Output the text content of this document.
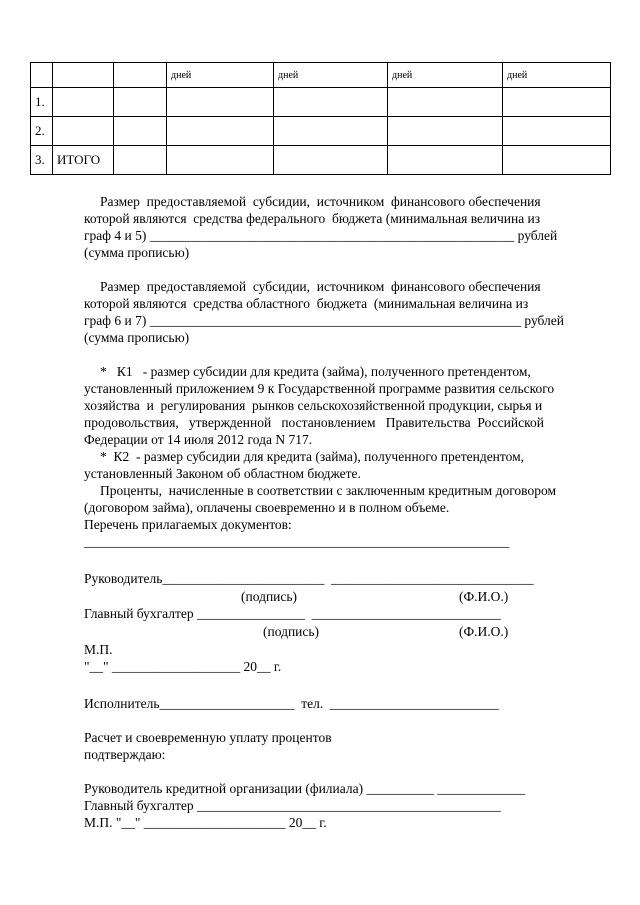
			дней	дней	дней	дней
1.						
2.						
3.	ИТОГО					
Размер  предоставляемой  субсидии,  источником  финансового обеспечения
которой являются  средства федерального  бюджета (минимальная величина из
граф 4 и 5) ______________________________________________________ рублей
(сумма прописью)
Размер  предоставляемой  субсидии,  источником  финансового обеспечения
которой являются  средства областного  бюджета  (минимальная величина из
граф 6 и 7) _______________________________________________________ рублей
(сумма прописью)
*   К1   - размер субсидии для кредита (займа), полученного претендентом,
установленный приложением 9 к Государственной программе развития сельского
хозяйства  и  регулирования  рынков сельскохозяйственной продукции, сырья и
продовольствия,   утвержденной   постановлением   Правительства  Российской
Федерации от 14 июля 2012 года N 717.
*  К2  - размер субсидии для кредита (займа), полученного претендентом,
установленный Законом об областном бюджете.
Проценты,  начисленные в соответствии с заключенным кредитным договором
(договором займа), оплачены своевременно и в полном объеме.
Перечень прилагаемых документов:
_______________________________________________________________
Руководитель________________________  ______________________________
(подпись)	(Ф.И.О.)
Главный бухгалтер ________________  ____________________________
(подпись)	(Ф.И.О.)
М.П.
"__" ___________________ 20__ г.
Исполнитель____________________  тел.  _________________________
Расчет и своевременную уплату процентов
подтверждаю:
Руководитель кредитной организации (филиала) __________ _____________
Главный бухгалтер _____________________________________________
М.П. "__" _____________________ 20__ г.
